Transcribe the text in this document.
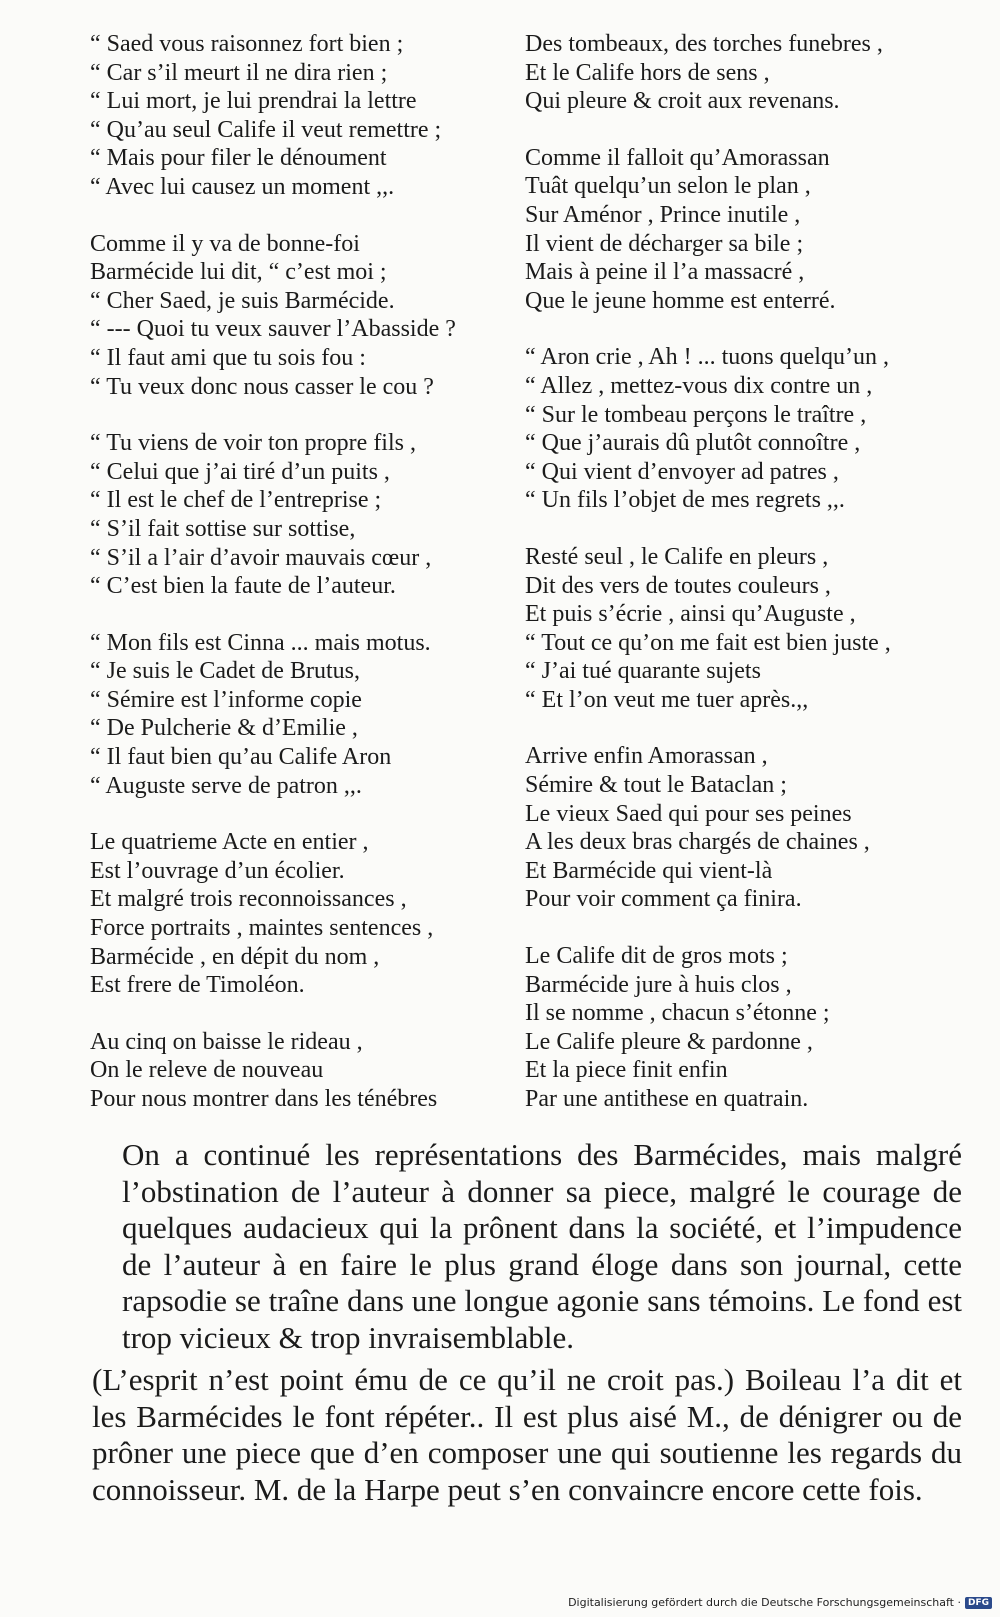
“ Saed vous raisonnez fort bien ;
“ Car s’il meurt il ne dira rien ;
“ Lui mort, je lui prendrai la lettre
“ Qu’au seul Calife il veut remettre ;
“ Mais pour filer le dénoument
“ Avec lui causez un moment ,,.
Comme il y va de bonne-foi
Barmécide lui dit, “ c’est moi ;
“ Cher Saed, je suis Barmécide.
“ --- Quoi tu veux sauver l’Abasside ?
“ Il faut ami que tu sois fou :
“ Tu veux donc nous casser le cou ?
“ Tu viens de voir ton propre fils ,
“ Celui que j’ai tiré d’un puits ,
“ Il est le chef de l’entreprise ;
“ S’il fait sottise sur sottise,
“ S’il a l’air d’avoir mauvais cœur ,
“ C’est bien la faute de l’auteur.
“ Mon fils est Cinna ... mais motus.
“ Je suis le Cadet de Brutus,
“ Sémire est l’informe copie
“ De Pulcherie & d’Emilie ,
“ Il faut bien qu’au Calife Aron
“ Auguste serve de patron ,,.
Le quatrieme Acte en entier ,
Est l’ouvrage d’un écolier.
Et malgré trois reconnoissances ,
Force portraits , maintes sentences ,
Barmécide , en dépit du nom ,
Est frere de Timoléon.
Au cinq on baisse le rideau ,
On le releve de nouveau
Pour nous montrer dans les ténébres
Des tombeaux, des torches funebres ,
Et le Calife hors de sens ,
Qui pleure & croit aux revenans.
Comme il falloit qu’Amorassan
Tuât quelqu’un selon le plan ,
Sur Aménor , Prince inutile ,
Il vient de décharger sa bile ;
Mais à peine il l’a massacré ,
Que le jeune homme est enterré.
“ Aron crie , Ah ! ... tuons quelqu’un ,
“ Allez , mettez-vous dix contre un ,
“ Sur le tombeau perçons le traître ,
“ Que j’aurais dû plutôt connoître ,
“ Qui vient d’envoyer ad patres ,
“ Un fils l’objet de mes regrets ,,.
Resté seul , le Calife en pleurs ,
Dit des vers de toutes couleurs ,
Et puis s’écrie , ainsi qu’Auguste ,
“ Tout ce qu’on me fait est bien juste ,
“ J’ai tué quarante sujets
“ Et l’on veut me tuer après.,,
Arrive enfin Amorassan ,
Sémire & tout le Bataclan ;
Le vieux Saed qui pour ses peines
A les deux bras chargés de chaines ,
Et Barmécide qui vient-là
Pour voir comment ça finira.
Le Calife dit de gros mots ;
Barmécide jure à huis clos ,
Il se nomme , chacun s’étonne ;
Le Calife pleure & pardonne ,
Et la piece finit enfin
Par une antithese en quatrain.

On a continué les représentations des Barmécides, mais malgré l’obstination de l’auteur à donner sa piece, malgré le courage de quelques audacieux qui la prônent dans la société, et l’impudence de l’auteur à en faire le plus grand éloge dans son journal, cette rapsodie se traîne dans une longue agonie sans témoins. Le fond est trop vicieux & trop invraisemblable.

(L’esprit n’est point ému de ce qu’il ne croit pas.) Boileau l’a dit et les Barmécides le font répéter.. Il est plus aisé M., de dénigrer ou de prôner une piece que d’en composer une qui soutienne les regards du connoisseur. M. de la Harpe peut s’en convaincre encore cette fois.

Digitalisierung gefördert durch die Deutsche Forschungsgemeinschaft · DFG
